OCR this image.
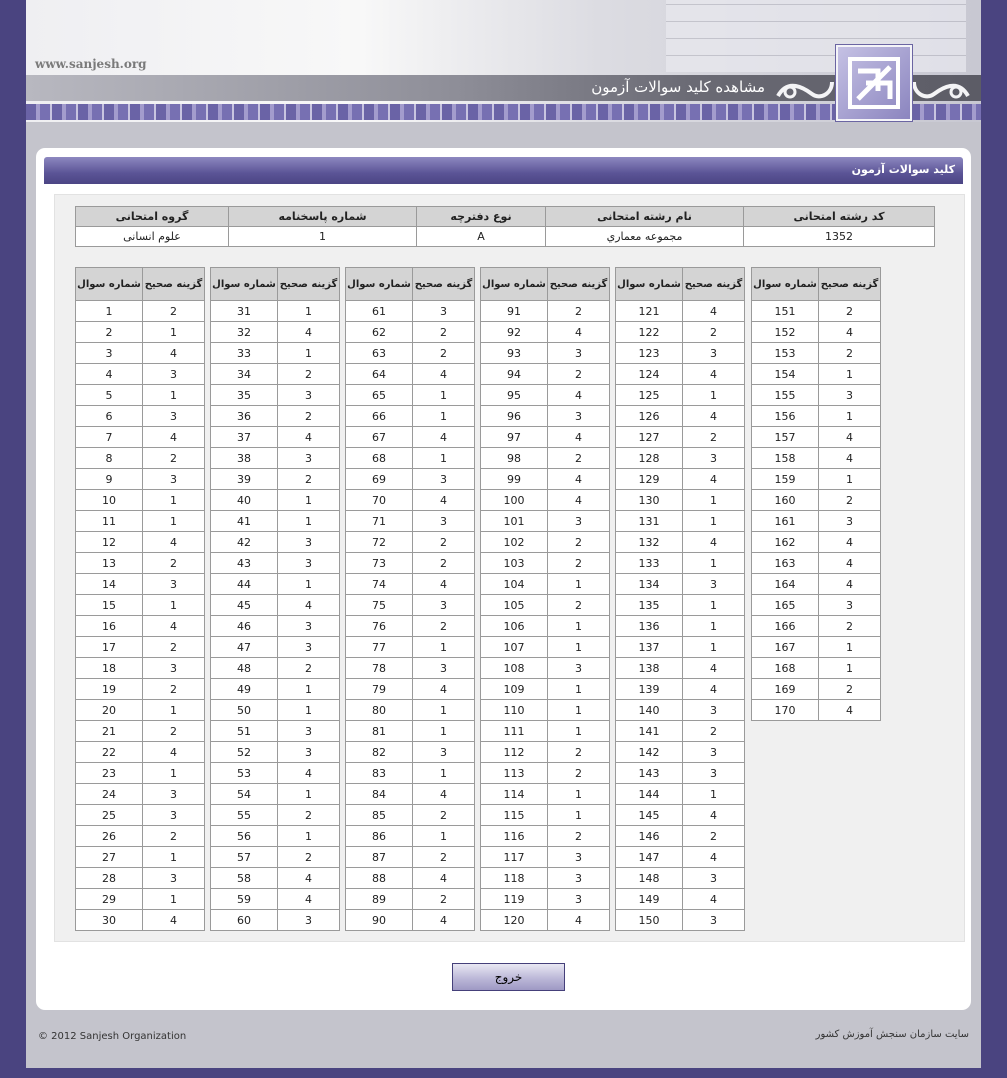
www.sanjesh.org
مشاهده کلید سوالات آزمون
کلید سوالات آزمون
کد رشته امتحانی	نام رشته امتحانی	نوع دفترچه	شماره پاسخنامه	گروه امتحانی
1352	مجموعه معماري	A	1	علوم انسانی
گزينه صحيح	شماره سوال
2	1
1	2
4	3
3	4
1	5
3	6
4	7
2	8
3	9
1	10
1	11
4	12
2	13
3	14
1	15
4	16
2	17
3	18
2	19
1	20
2	21
4	22
1	23
3	24
3	25
2	26
1	27
3	28
1	29
4	30
گزينه صحيح	شماره سوال
1	31
4	32
1	33
2	34
3	35
2	36
4	37
3	38
2	39
1	40
1	41
3	42
3	43
1	44
4	45
3	46
3	47
2	48
1	49
1	50
3	51
3	52
4	53
1	54
2	55
1	56
2	57
4	58
4	59
3	60
گزينه صحيح	شماره سوال
3	61
2	62
2	63
4	64
1	65
1	66
4	67
1	68
3	69
4	70
3	71
2	72
2	73
4	74
3	75
2	76
1	77
3	78
4	79
1	80
1	81
3	82
1	83
4	84
2	85
1	86
2	87
4	88
2	89
4	90
گزينه صحيح	شماره سوال
2	91
4	92
3	93
2	94
4	95
3	96
4	97
2	98
4	99
4	100
3	101
2	102
2	103
1	104
2	105
1	106
1	107
3	108
1	109
1	110
1	111
2	112
2	113
1	114
1	115
2	116
3	117
3	118
3	119
4	120
گزينه صحيح	شماره سوال
4	121
2	122
3	123
4	124
1	125
4	126
2	127
3	128
4	129
1	130
1	131
4	132
1	133
3	134
1	135
1	136
1	137
4	138
4	139
3	140
2	141
3	142
3	143
1	144
4	145
2	146
4	147
3	148
4	149
3	150
گزينه صحيح	شماره سوال
2	151
4	152
2	153
1	154
3	155
1	156
4	157
4	158
1	159
2	160
3	161
4	162
4	163
4	164
3	165
2	166
1	167
1	168
2	169
4	170
خروج
© 2012 Sanjesh Organization	سایت سازمان سنجش آموزش کشور
